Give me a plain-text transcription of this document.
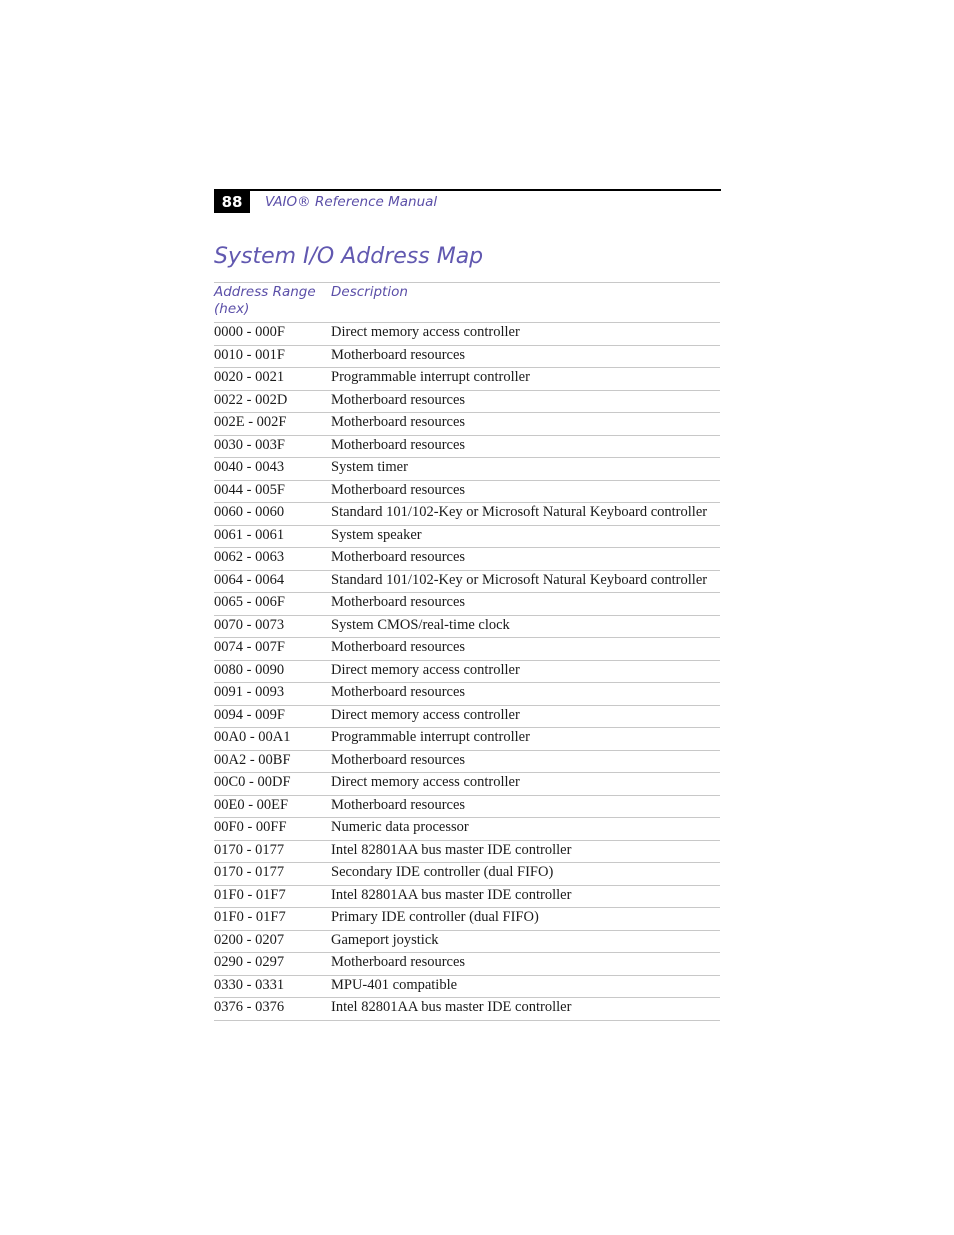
88	VAIO® Reference Manual
System I/O Address Map
Address Range (hex)	Description
0000 - 000F	Direct memory access controller
0010 - 001F	Motherboard resources
0020 - 0021	Programmable interrupt controller
0022 - 002D	Motherboard resources
002E - 002F	Motherboard resources
0030 - 003F	Motherboard resources
0040 - 0043	System timer
0044 - 005F	Motherboard resources
0060 - 0060	Standard 101/102-Key or Microsoft Natural Keyboard controller
0061 - 0061	System speaker
0062 - 0063	Motherboard resources
0064 - 0064	Standard 101/102-Key or Microsoft Natural Keyboard controller
0065 - 006F	Motherboard resources
0070 - 0073	System CMOS/real-time clock
0074 - 007F	Motherboard resources
0080 - 0090	Direct memory access controller
0091 - 0093	Motherboard resources
0094 - 009F	Direct memory access controller
00A0 - 00A1	Programmable interrupt controller
00A2 - 00BF	Motherboard resources
00C0 - 00DF	Direct memory access controller
00E0 - 00EF	Motherboard resources
00F0 - 00FF	Numeric data processor
0170 - 0177	Intel 82801AA bus master IDE controller
0170 - 0177	Secondary IDE controller (dual FIFO)
01F0 - 01F7	Intel 82801AA bus master IDE controller
01F0 - 01F7	Primary IDE controller (dual FIFO)
0200 - 0207	Gameport joystick
0290 - 0297	Motherboard resources
0330 - 0331	MPU-401 compatible
0376 - 0376	Intel 82801AA bus master IDE controller
